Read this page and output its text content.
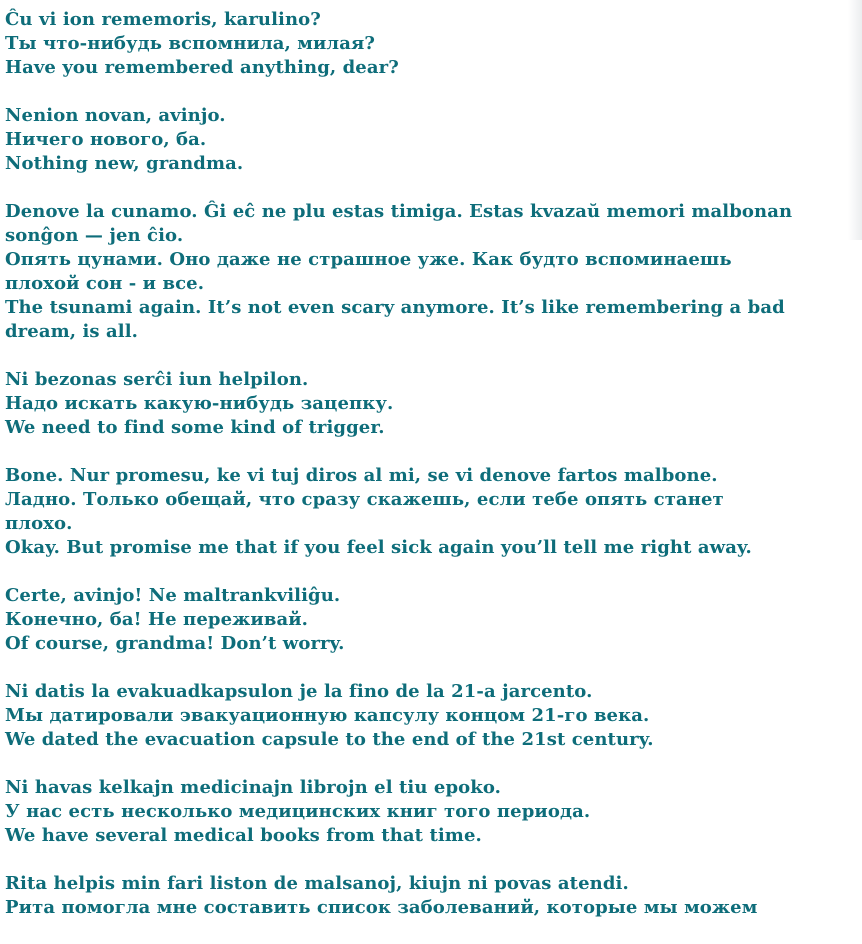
Ĉu vi ion rememoris, karulino?
Ты что-нибудь вспомнила, милая?
Have you remembered anything, dear?
Nenion novan, avinjo.
Ничего нового, ба.
Nothing new, grandma.
Denove la cunamo. Ĝi eĉ ne plu estas timiga. Estas kvazaŭ memori malbonan sonĝon — jen ĉio.
Опять цунами. Оно даже не страшное уже. Как будто вспоминаешь плохой сон - и все.
The tsunami again. It’s not even scary anymore. It’s like remembering a bad dream, is all.
Ni bezonas serĉi iun helpilon.
Надо искать какую-нибудь зацепку.
We need to find some kind of trigger.
Bone. Nur promesu, ke vi tuj diros al mi, se vi denove fartos malbone.
Ладно. Только обещай, что сразу скажешь, если тебе опять станет плохо.
Okay. But promise me that if you feel sick again you’ll tell me right away.
Certe, avinjo! Ne maltrankviliĝu.
Конечно, ба! Не переживай.
Of course, grandma! Don’t worry.
Ni datis la evakuadkapsulon je la fino de la 21-a jarcento.
Мы датировали эвакуационную капсулу концом 21-го века.
We dated the evacuation capsule to the end of the 21st century.
Ni havas kelkajn medicinajn librojn el tiu epoko.
У нас есть несколько медицинских книг того периода.
We have several medical books from that time.
Rita helpis min fari liston de malsanoj, kiujn ni povas atendi.
Рита помогла мне составить список заболеваний, которые мы можем
